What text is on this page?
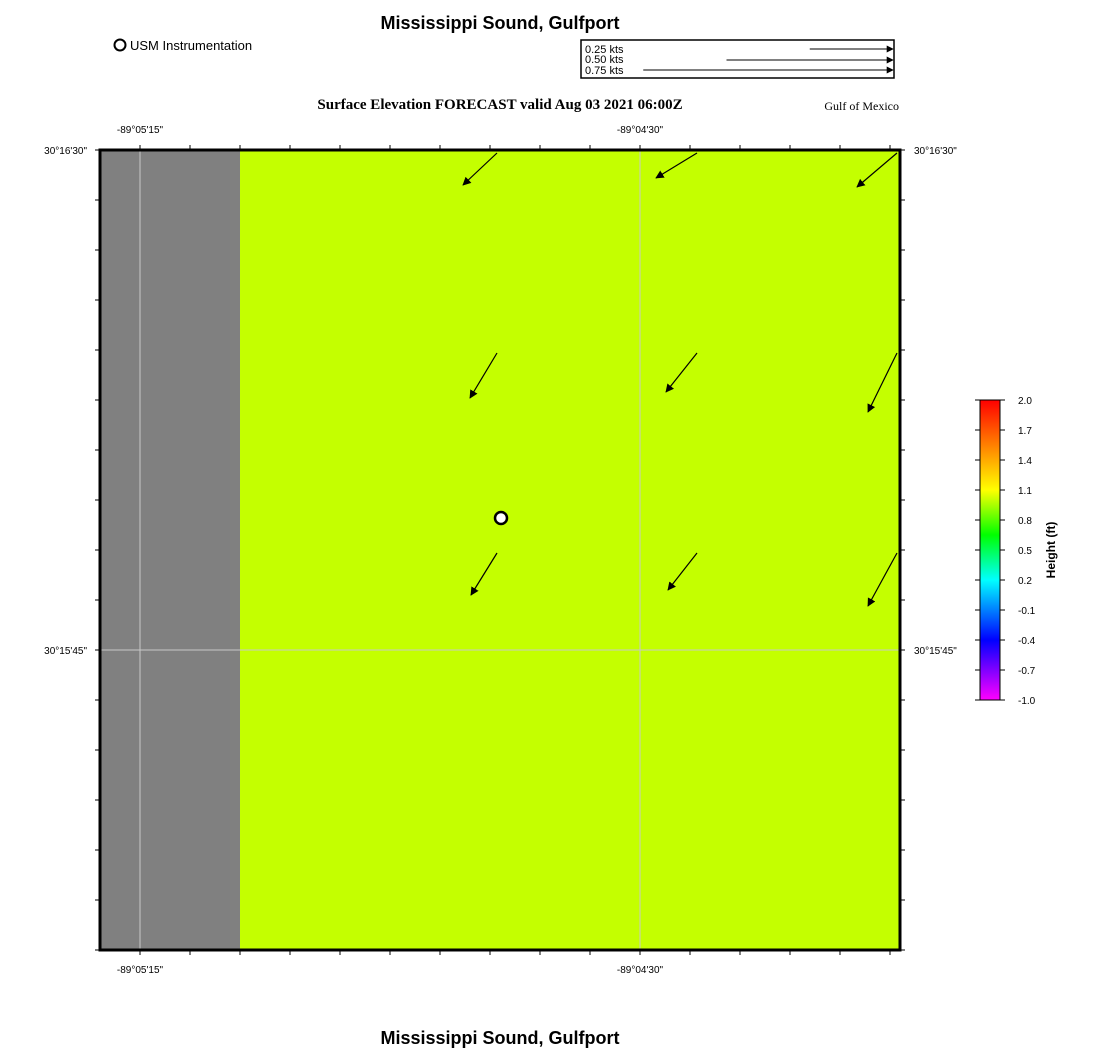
Mississippi Sound, Gulfport
USM Instrumentation	0.25 kts
0.50 kts
0.75 kts
Surface Elevation FORECAST valid Aug 03 2021 06:00Z	Gulf of Mexico
-89°05'15"	-89°04'30"
-89°05'15"	-89°04'30"
30°16'30"
30°15'45"
30°16'30"
30°15'45"
2.0
1.7
1.4
1.1
0.8
0.5
0.2
-0.1
-0.4
-0.7
-1.0
Height (ft)
Mississippi Sound, Gulfport
